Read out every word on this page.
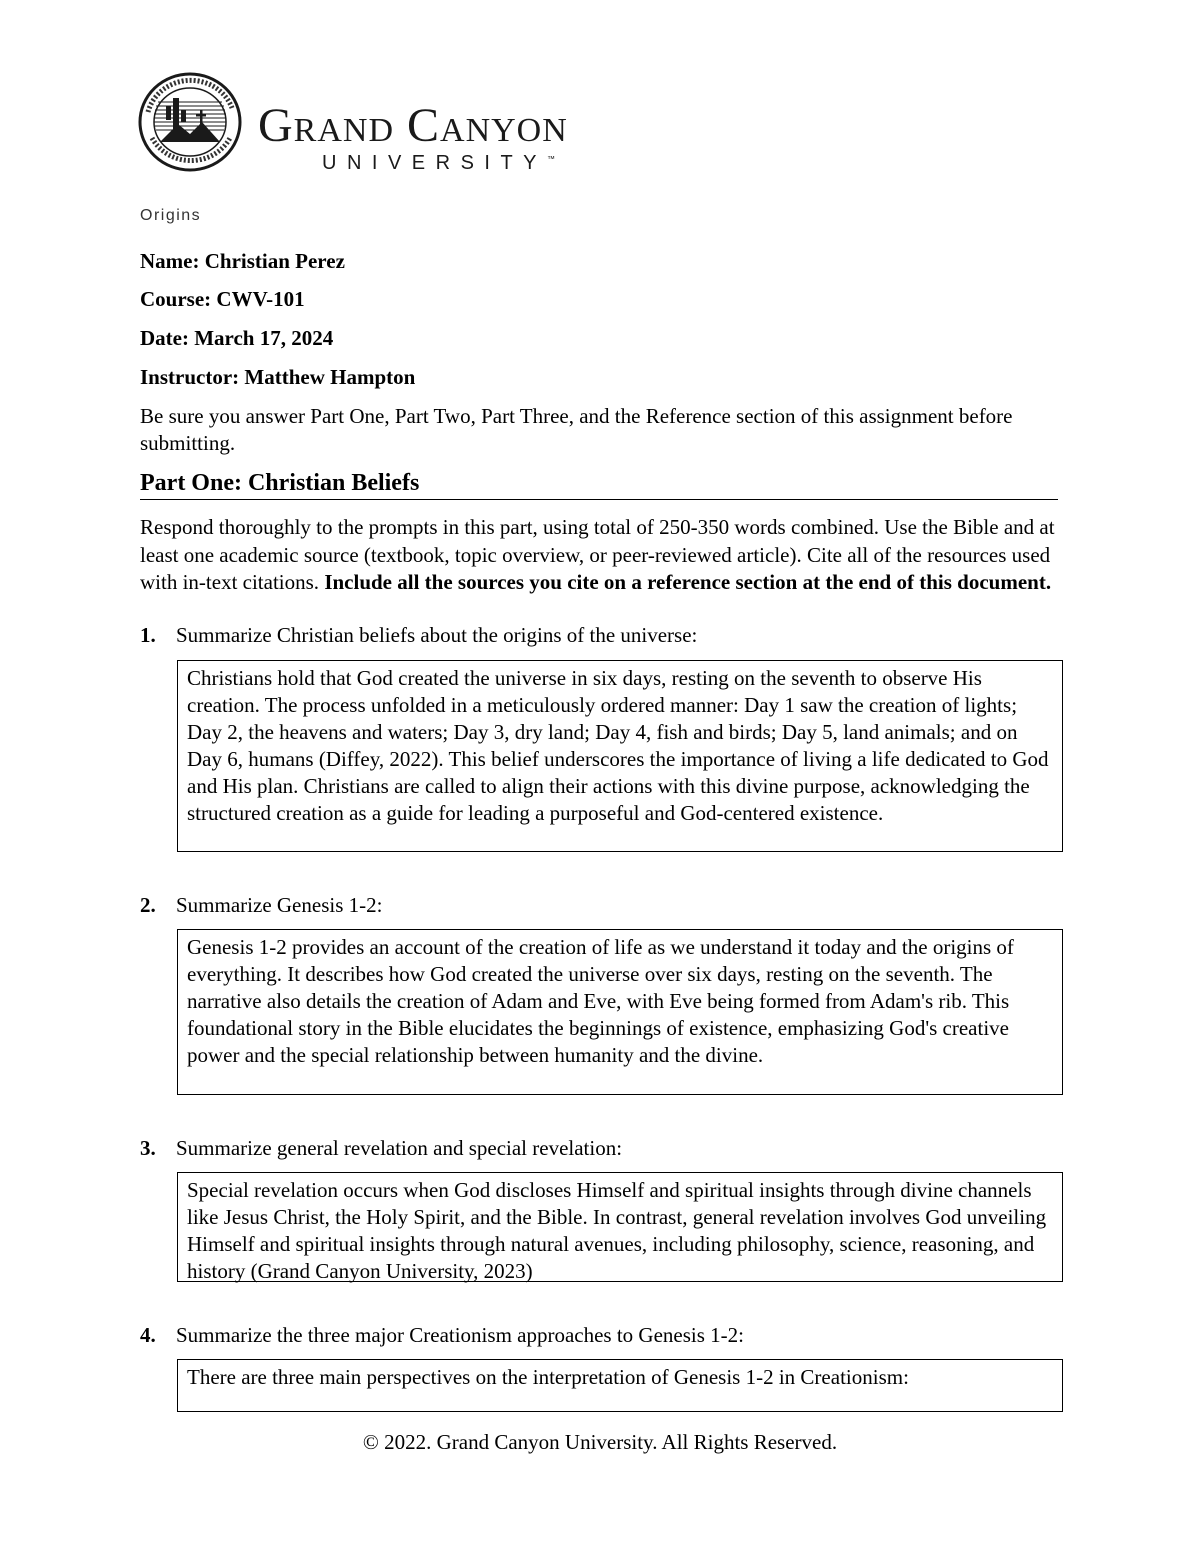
Grand Canyon
UNIVERSITY™
Origins
Name: Christian Perez
Course: CWV-101
Date: March 17, 2024
Instructor: Matthew Hampton
Be sure you answer Part One, Part Two, Part Three, and the Reference section of this assignment before submitting.
Part One: Christian Beliefs
Respond thoroughly to the prompts in this part, using total of 250-350 words combined. Use the Bible and at least one academic source (textbook, topic overview, or peer-reviewed article). Cite all of the resources used with in-text citations. Include all the sources you cite on a reference section at the end of this document.
1. Summarize Christian beliefs about the origins of the universe:
Christians hold that God created the universe in six days, resting on the seventh to observe His creation. The process unfolded in a meticulously ordered manner: Day 1 saw the creation of lights; Day 2, the heavens and waters; Day 3, dry land; Day 4, fish and birds; Day 5, land animals; and on Day 6, humans (Diffey, 2022). This belief underscores the importance of living a life dedicated to God and His plan. Christians are called to align their actions with this divine purpose, acknowledging the structured creation as a guide for leading a purposeful and God-centered existence.
2. Summarize Genesis 1-2:
Genesis 1-2 provides an account of the creation of life as we understand it today and the origins of everything. It describes how God created the universe over six days, resting on the seventh. The narrative also details the creation of Adam and Eve, with Eve being formed from Adam's rib. This foundational story in the Bible elucidates the beginnings of existence, emphasizing God's creative power and the special relationship between humanity and the divine.
3. Summarize general revelation and special revelation:
Special revelation occurs when God discloses Himself and spiritual insights through divine channels like Jesus Christ, the Holy Spirit, and the Bible. In contrast, general revelation involves God unveiling Himself and spiritual insights through natural avenues, including philosophy, science, reasoning, and history (Grand Canyon University, 2023)
4. Summarize the three major Creationism approaches to Genesis 1-2:
There are three main perspectives on the interpretation of Genesis 1-2 in Creationism:
© 2022. Grand Canyon University. All Rights Reserved.
